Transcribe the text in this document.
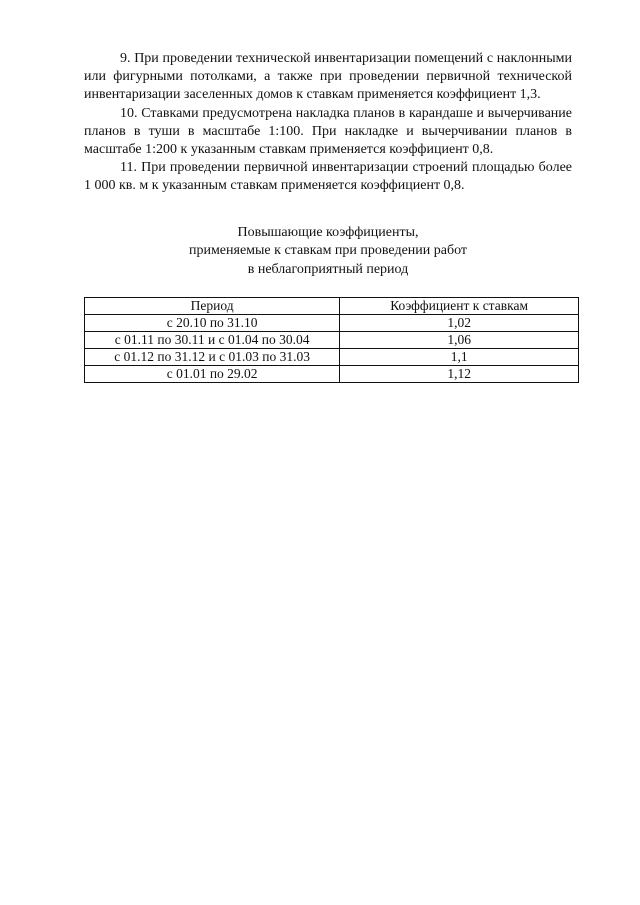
9. При проведении технической инвентаризации помещений с наклонными или фигурными потолками, а также при проведении первичной технической инвентаризации заселенных домов к ставкам применяется коэффициент 1,3.

10. Ставками предусмотрена накладка планов в карандаше и вычерчивание планов в туши в масштабе 1:100. При накладке и вычерчивании планов в масштабе 1:200 к указанным ставкам применяется коэффициент 0,8.

11. При проведении первичной инвентаризации строений площадью более 1 000 кв. м к указанным ставкам применяется коэффициент 0,8.

Повышающие коэффициенты,
применяемые к ставкам при проведении работ
в неблагоприятный период
Период	Коэффициент к ставкам
с 20.10 по 31.10	1,02
с 01.11 по 30.11 и с 01.04 по 30.04	1,06
с 01.12 по 31.12 и с 01.03 по 31.03	1,1
с 01.01 по 29.02	1,12
